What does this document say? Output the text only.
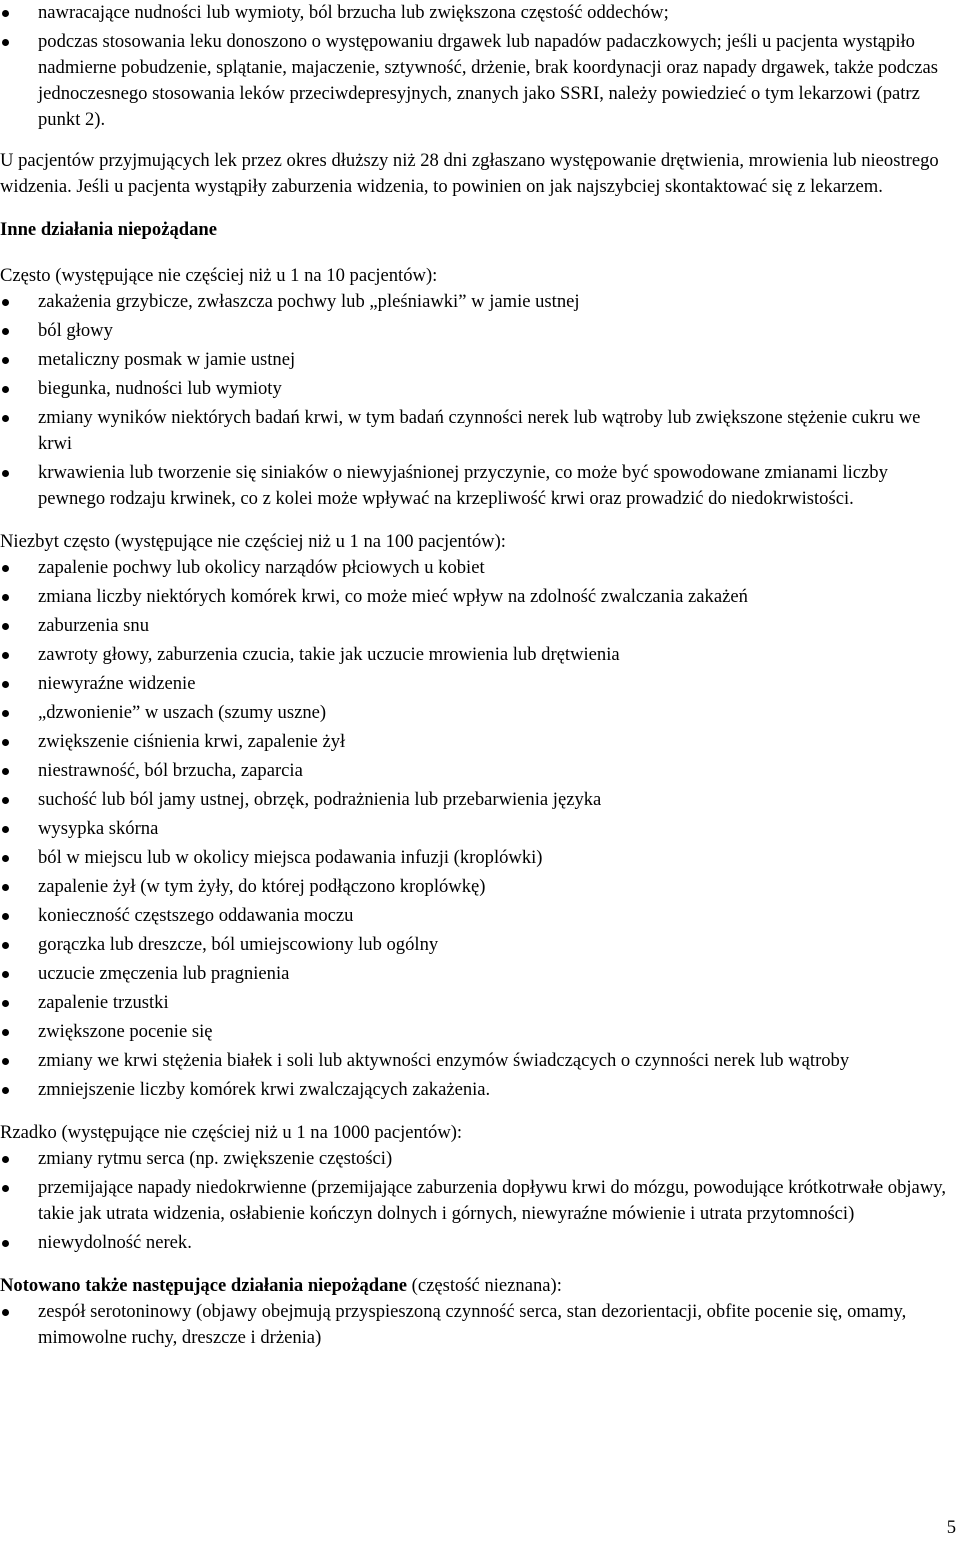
nawracające nudności lub wymioty, ból brzucha lub zwiększona częstość oddechów;
podczas stosowania leku donoszono o występowaniu drgawek lub napadów padaczkowych; jeśli u pacjenta wystąpiło nadmierne pobudzenie, splątanie, majaczenie, sztywność, drżenie, brak koordynacji oraz napady drgawek, także podczas jednoczesnego stosowania leków przeciwdepresyjnych, znanych jako SSRI, należy powiedzieć o tym lekarzowi (patrz punkt 2).

U pacjentów przyjmujących lek przez okres dłuższy niż 28 dni zgłaszano występowanie drętwienia, mrowienia lub nieostrego widzenia. Jeśli u pacjenta wystąpiły zaburzenia widzenia, to powinien on jak najszybciej skontaktować się z lekarzem.

Inne działania niepożądane

Często (występujące nie częściej niż u 1 na 10 pacjentów):

zakażenia grzybicze, zwłaszcza pochwy lub „pleśniawki” w jamie ustnej
ból głowy
metaliczny posmak w jamie ustnej
biegunka, nudności lub wymioty
zmiany wyników niektórych badań krwi, w tym badań czynności nerek lub wątroby lub zwiększone stężenie cukru we krwi
krwawienia lub tworzenie się siniaków o niewyjaśnionej przyczynie, co może być spowodowane zmianami liczby pewnego rodzaju krwinek, co z kolei może wpływać na krzepliwość krwi oraz prowadzić do niedokrwistości.

Niezbyt często (występujące nie częściej niż u 1 na 100 pacjentów):

zapalenie pochwy lub okolicy narządów płciowych u kobiet
zmiana liczby niektórych komórek krwi, co może mieć wpływ na zdolność zwalczania zakażeń
zaburzenia snu
zawroty głowy, zaburzenia czucia, takie jak uczucie mrowienia lub drętwienia
niewyraźne widzenie
„dzwonienie” w uszach (szumy uszne)
zwiększenie ciśnienia krwi, zapalenie żył
niestrawność, ból brzucha, zaparcia
suchość lub ból jamy ustnej, obrzęk, podrażnienia lub przebarwienia języka
wysypka skórna
ból w miejscu lub w okolicy miejsca podawania infuzji (kroplówki)
zapalenie żył (w tym żyły, do której podłączono kroplówkę)
konieczność częstszego oddawania moczu
gorączka lub dreszcze, ból umiejscowiony lub ogólny
uczucie zmęczenia lub pragnienia
zapalenie trzustki
zwiększone pocenie się
zmiany we krwi stężenia białek i soli lub aktywności enzymów świadczących o czynności nerek lub wątroby
zmniejszenie liczby komórek krwi zwalczających zakażenia.

Rzadko (występujące nie częściej niż u 1 na 1000 pacjentów):

zmiany rytmu serca (np. zwiększenie częstości)
przemijające napady niedokrwienne (przemijające zaburzenia dopływu krwi do mózgu, powodujące krótkotrwałe objawy, takie jak utrata widzenia, osłabienie kończyn dolnych i górnych, niewyraźne mówienie i utrata przytomności)
niewydolność nerek.

Notowano także następujące działania niepożądane (częstość nieznana):

zespół serotoninowy (objawy obejmują przyspieszoną czynność serca, stan dezorientacji, obfite pocenie się, omamy, mimowolne ruchy, dreszcze i drżenia)
5
